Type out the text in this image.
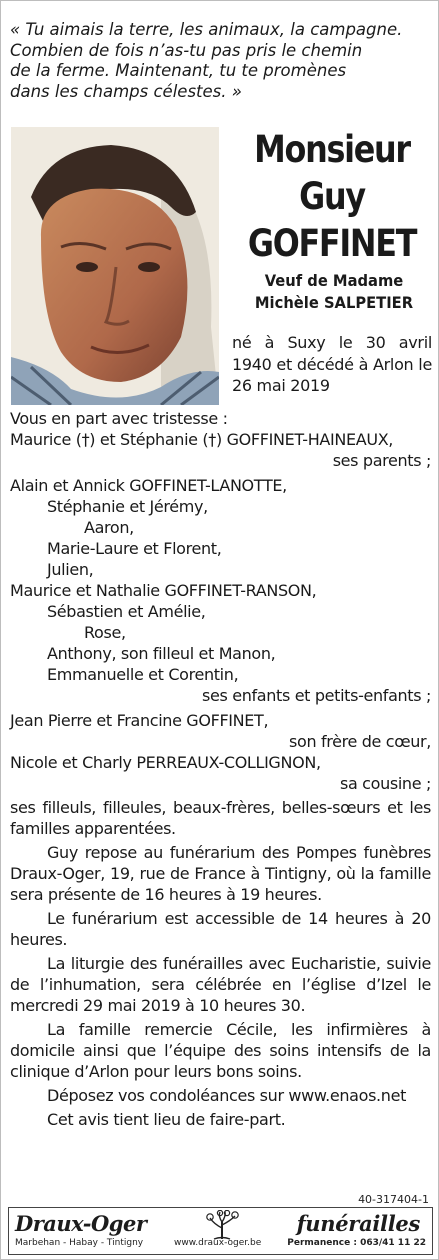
« Tu aimais la terre, les animaux, la campagne.
Combien de fois n’as-tu pas pris le chemin
de la ferme. Maintenant, tu te promènes
dans les champs célestes. »
Monsieur
Guy
GOFFINET
Veuf de Madame
Michèle SALPETIER
né à Suxy le 30 avril 1940 et décédé à Arlon le 26 mai 2019
Vous en part avec tristesse :
Maurice (†) et Stéphanie (†) GOFFINET-HAINEAUX,
ses parents ;
Alain et Annick GOFFINET-LANOTTE,
Stéphanie et Jérémy,
Aaron,
Marie-Laure et Florent,
Julien,
Maurice et Nathalie GOFFINET-RANSON,
Sébastien et Amélie,
Rose,
Anthony, son filleul et Manon,
Emmanuelle et Corentin,
ses enfants et petits-enfants ;
Jean Pierre et Francine GOFFINET,
son frère de cœur,
Nicole et Charly PERREAUX-COLLIGNON,
sa cousine ;
ses filleuls, filleules, beaux-frères, belles-sœurs et les familles apparentées.
Guy repose au funérarium des Pompes funèbres Draux-Oger, 19, rue de France à Tintigny, où la famille sera présente de 16 heures à 19 heures.
Le funérarium est accessible de 14 heures à 20 heures.
La liturgie des funérailles avec Eucharistie, suivie de l’inhumation, sera célébrée en l’église d’Izel le mercredi 29 mai 2019 à 10 heures 30.
La famille remercie Cécile, les infirmières à domicile ainsi que l’équipe des soins intensifs de la clinique d’Arlon pour leurs bons soins.
Déposez vos condoléances sur www.enaos.net
Cet avis tient lieu de faire-part.
40-317404-1
Draux-Oger	funérailles
Marbehan - Habay - Tintigny	www.draux-oger.be	Permanence : 063/41 11 22
